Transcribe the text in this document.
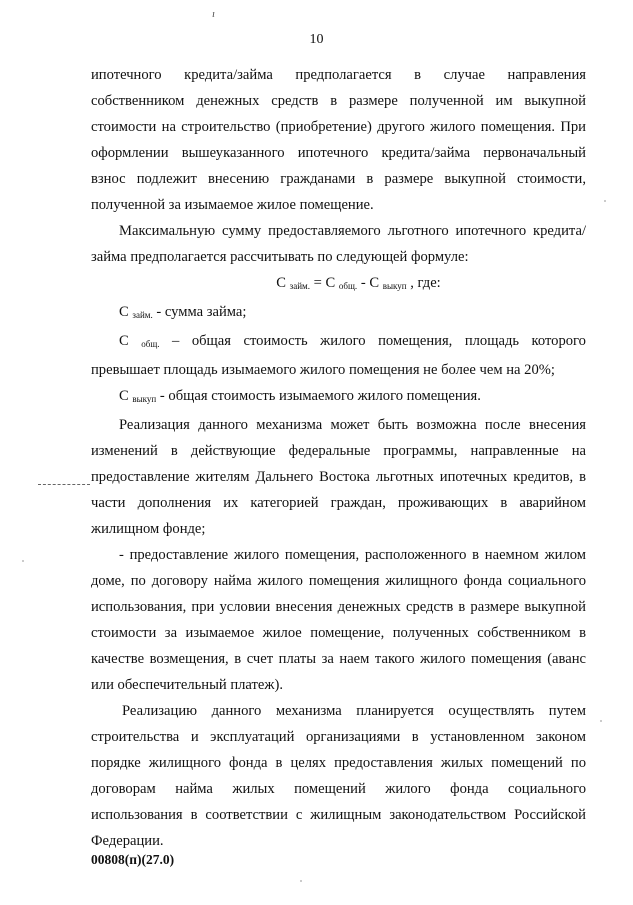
ı
10

ипотечного кредита/займа предполагается в случае направления собственником денежных средств в размере полученной им выкупной стоимости на строительство (приобретение) другого жилого помещения. При оформлении вышеуказанного ипотечного кредита/займа первоначальный взнос подлежит внесению гражданами в размере выкупной стоимости, полученной за изымаемое жилое помещение.

Максимальную сумму предоставляемого льготного ипотечного кредита/займа предполагается рассчитывать по следующей формуле:

С $_{займ.}$ = С $_{общ.}$ - С $_{выкуп}$ , где:
С $_{займ.}$ - сумма займа;
С $_{общ.}$ – общая стоимость жилого помещения, площадь которого превышает площадь изымаемого жилого помещения не более чем на 20%;
С $_{выкуп}$ - общая стоимость изымаемого жилого помещения.

Реализация данного механизма может быть возможна после внесения изменений в действующие федеральные программы, направленные на предоставление жителям Дальнего Востока льготных ипотечных кредитов, в части дополнения их категорией граждан, проживающих в аварийном жилищном фонде;

- предоставление жилого помещения, расположенного в наемном жилом доме, по договору найма жилого помещения жилищного фонда социального использования, при условии внесения денежных средств в размере выкупной стоимости за изымаемое жилое помещение, полученных собственником в качестве возмещения, в счет платы за наем такого жилого помещения (аванс или обеспечительный платеж).

Реализацию данного механизма планируется осуществлять путем строительства и эксплуатаций организациями в установленном законом порядке жилищного фонда в целях предоставления жилых помещений по договорам найма жилых помещений жилого фонда социального использования в соответствии с жилищным законодательством Российской Федерации.

00808(п)(27.0)
